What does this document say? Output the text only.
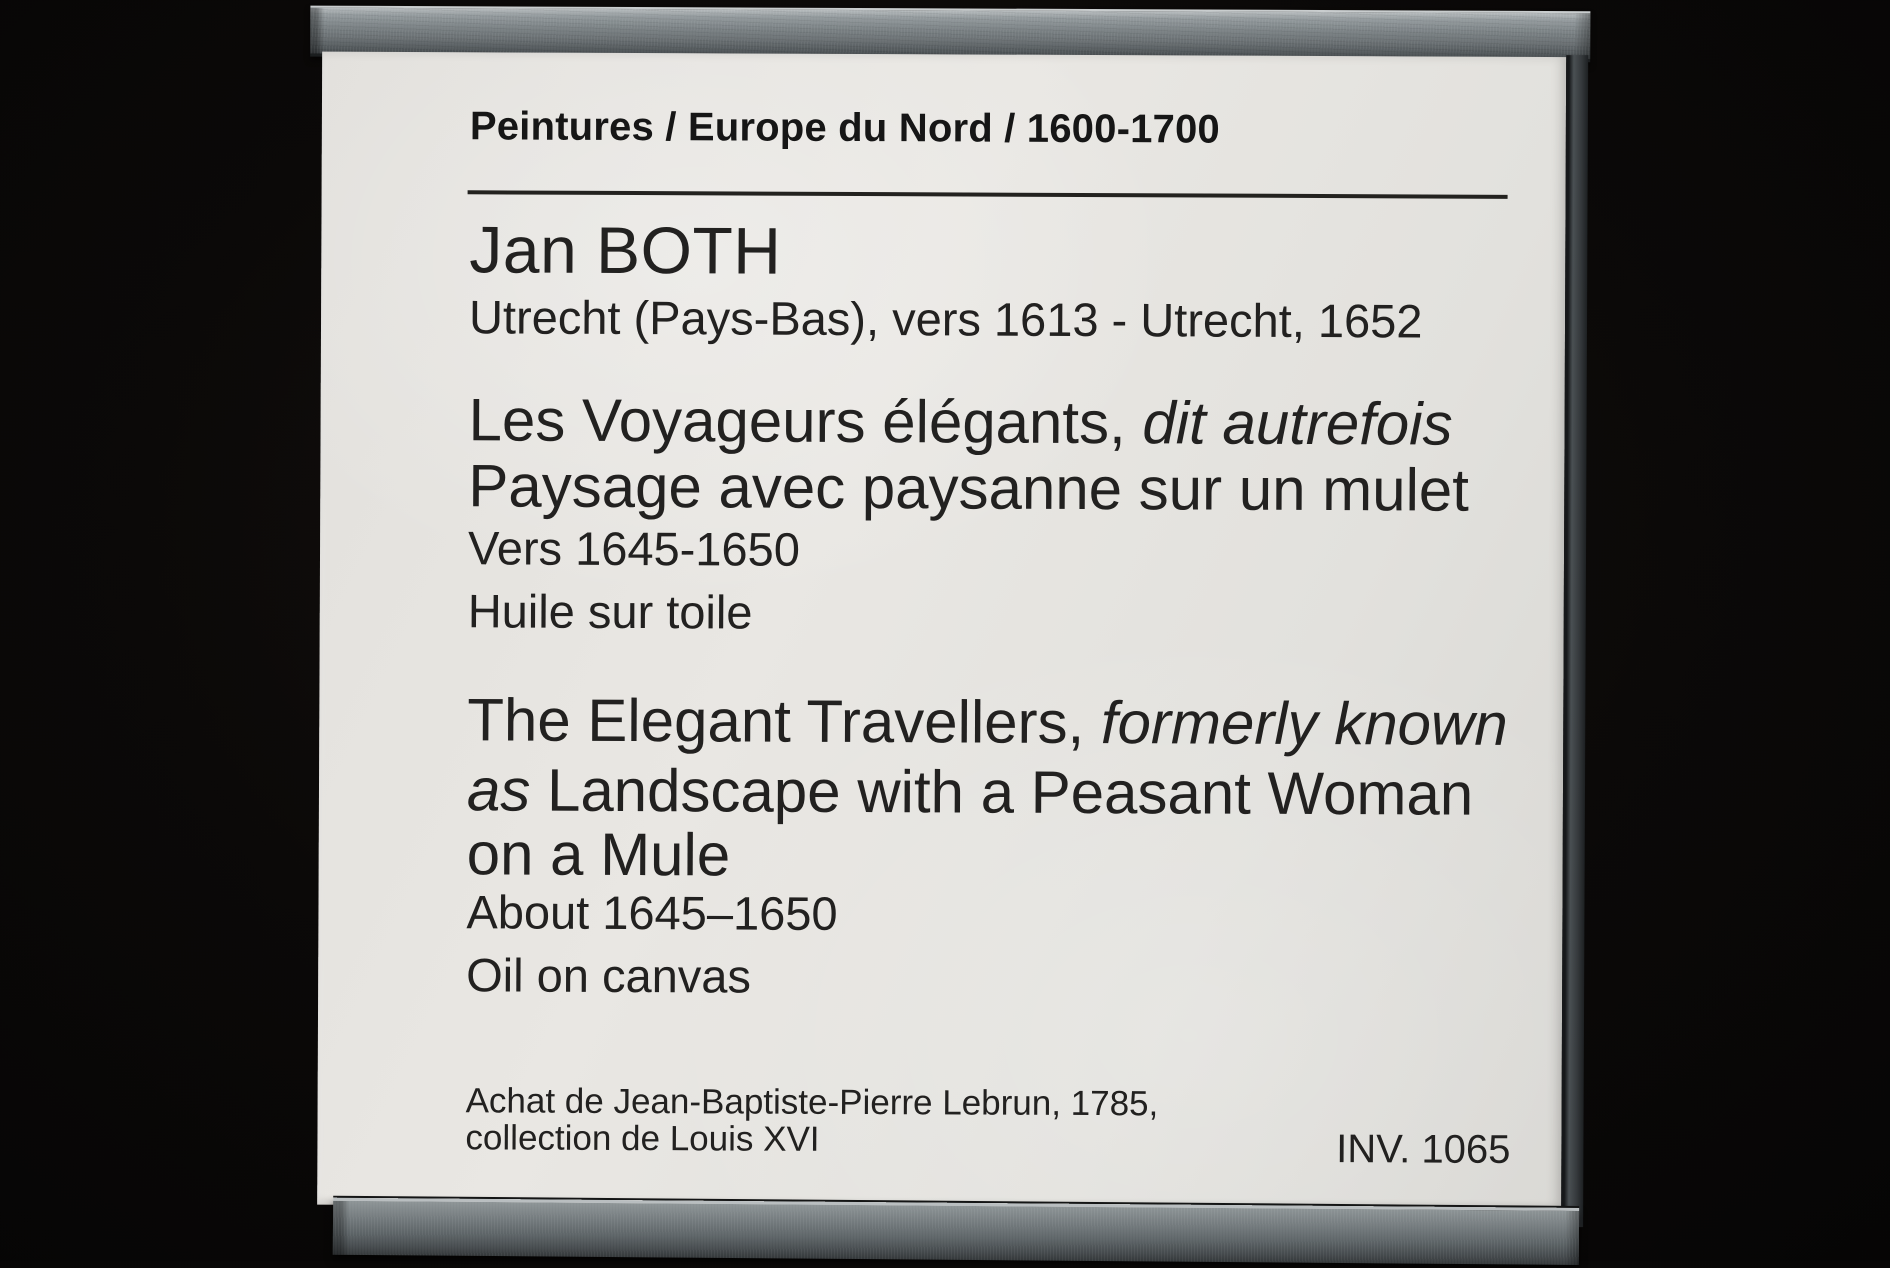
Peintures / Europe du Nord / 1600-1700
Jan BOTH
Utrecht (Pays-Bas), vers 1613 - Utrecht, 1652
Les Voyageurs élégants, dit autrefois
Paysage avec paysanne sur un mulet
Vers 1645-1650
Huile sur toile
The Elegant Travellers, formerly known
as Landscape with a Peasant Woman
on a Mule
About 1645–1650
Oil on canvas
Achat de Jean-Baptiste-Pierre Lebrun, 1785,
collection de Louis XVI	INV. 1065
